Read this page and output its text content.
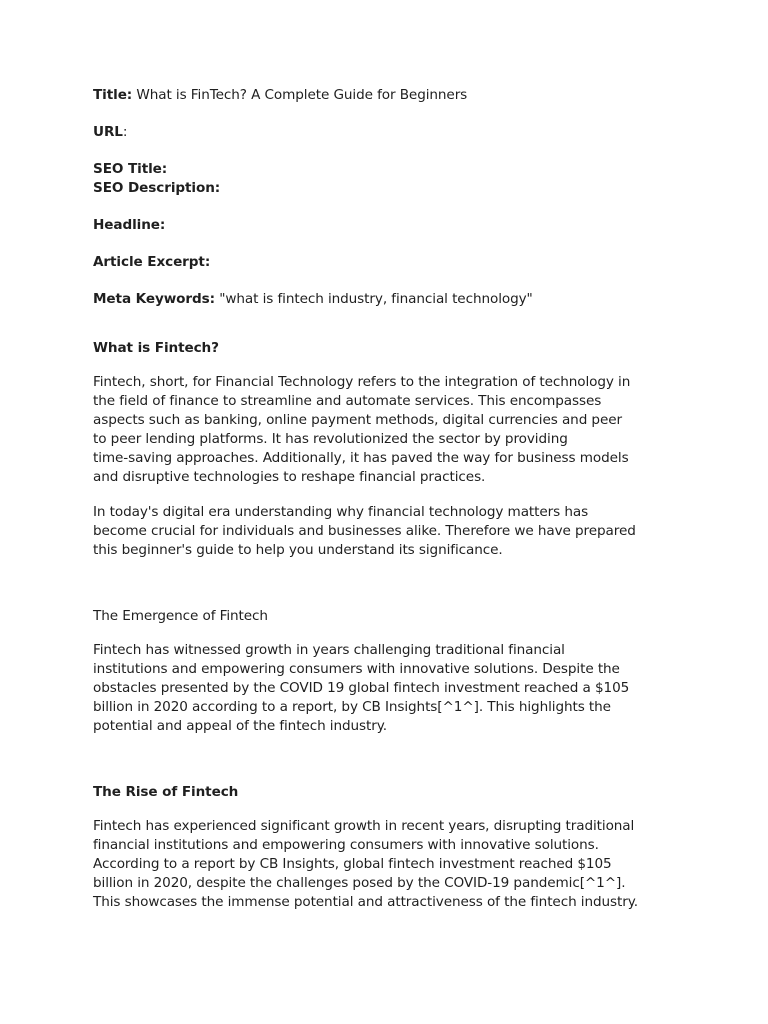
Title: What is FinTech? A Complete Guide for Beginners

URL:

SEO Title:

SEO Description:

Headline:

Article Excerpt:

Meta Keywords: "what is fintech industry, financial technology"

What is Fintech?

Fintech, short, for Financial Technology refers to the integration of technology in

the field of finance to streamline and automate services. This encompasses

aspects such as banking, online payment methods, digital currencies and peer

to peer lending platforms. It has revolutionized the sector by providing

time-saving approaches. Additionally, it has paved the way for business models

and disruptive technologies to reshape financial practices.

In today's digital era understanding why financial technology matters has

become crucial for individuals and businesses alike. Therefore we have prepared

this beginner's guide to help you understand its significance.

The Emergence of Fintech

Fintech has witnessed growth in years challenging traditional financial

institutions and empowering consumers with innovative solutions. Despite the

obstacles presented by the COVID 19 global fintech investment reached a $105

billion in 2020 according to a report, by CB Insights[^1^]. This highlights the

potential and appeal of the fintech industry.

The Rise of Fintech

Fintech has experienced significant growth in recent years, disrupting traditional

financial institutions and empowering consumers with innovative solutions.

According to a report by CB Insights, global fintech investment reached $105

billion in 2020, despite the challenges posed by the COVID-19 pandemic[^1^].

This showcases the immense potential and attractiveness of the fintech industry.
